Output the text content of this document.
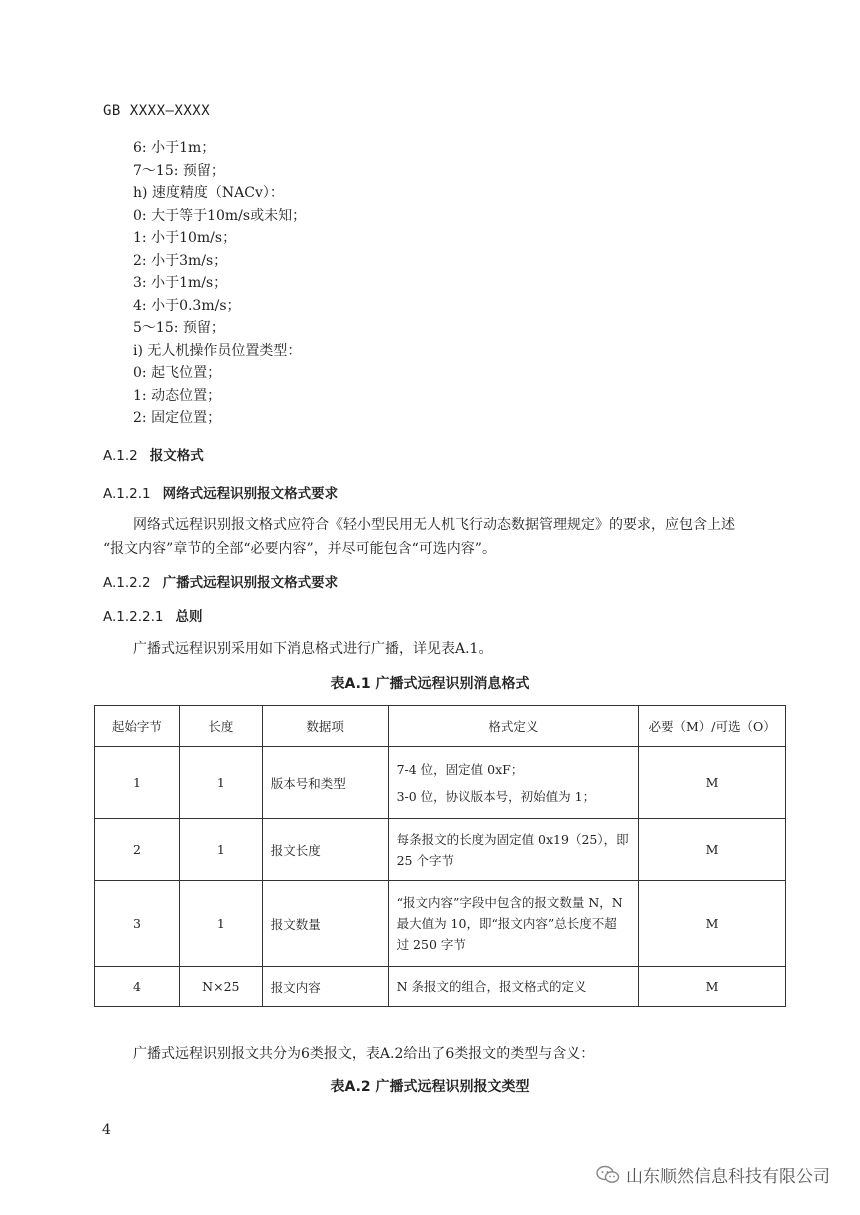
GB XXXX—XXXX
6: 小于1m；
7～15: 预留；
h) 速度精度（NACv）：
0: 大于等于10m/s或未知；
1: 小于10m/s；
2: 小于3m/s；
3: 小于1m/s；
4: 小于0.3m/s；
5～15: 预留；
i) 无人机操作员位置类型：
0: 起飞位置；
1: 动态位置；
2: 固定位置；
A.1.2 报文格式
A.1.2.1 网络式远程识别报文格式要求
网络式远程识别报文格式应符合《轻小型民用无人机飞行动态数据管理规定》的要求，应包含上述
“报文内容”章节的全部“必要内容”，并尽可能包含“可选内容”。
A.1.2.2 广播式远程识别报文格式要求
A.1.2.2.1 总则
广播式远程识别采用如下消息格式进行广播，详见表A.1。
表A.1 广播式远程识别消息格式
起始字节	长度	数据项	格式定义	必要（M）/可选（O）
1	1	版本号和类型	7-4 位，固定值 0xF；
3-0 位，协议版本号，初始值为 1；	M
2	1	报文长度	每条报文的长度为固定值 0x19（25），即
25 个字节	M
3	1	报文数量	“报文内容”字段中包含的报文数量 N，N
最大值为 10，即“报文内容”总长度不超
过 250 字节	M
4	N×25	报文内容	N 条报文的组合，报文格式的定义	M
广播式远程识别报文共分为6类报文，表A.2给出了6类报文的类型与含义：
表A.2 广播式远程识别报文类型
4
山东顺然信息科技有限公司
